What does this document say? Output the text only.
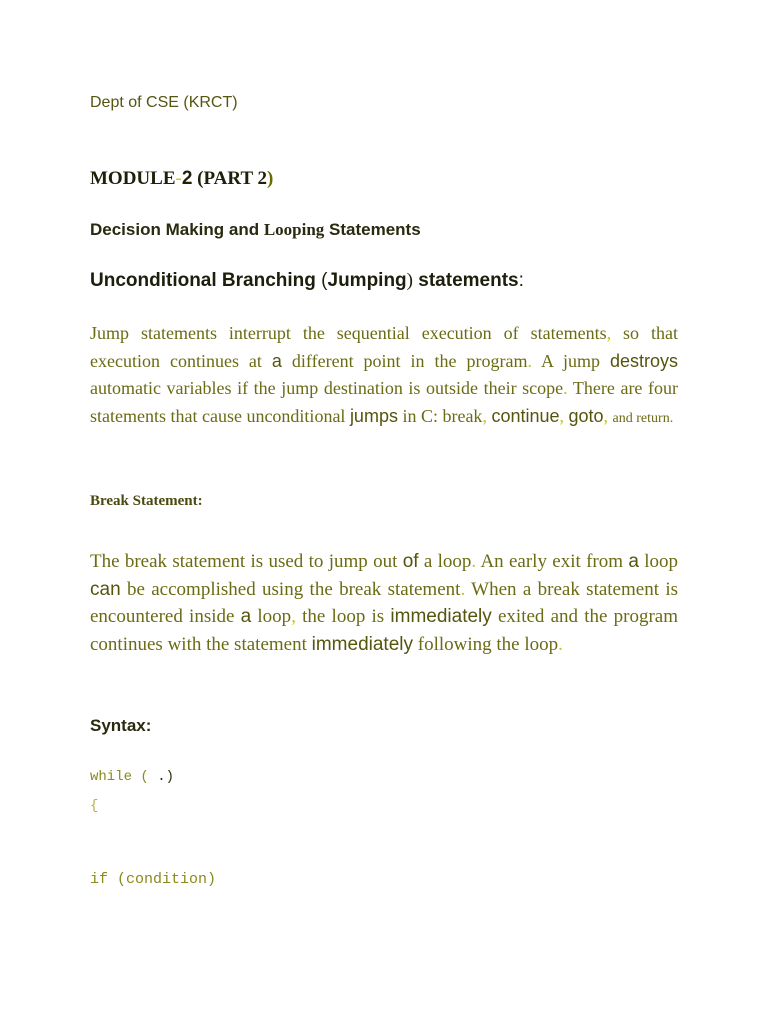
Dept of CSE (KRCT)
MODULE-2 (PART 2)
Decision Making and Looping Statements
Unconditional Branching (Jumping) statements:

Jump statements interrupt the sequential execution of statements, so that execution continues at a different point in the program. A jump destroys automatic variables if the jump destination is outside their scope. There are four statements that cause unconditional jumps in C: break, continue, goto, and return.

Break Statement:

The break statement is used to jump out of a loop. An early exit from a loop can be accomplished using the break statement. When a break statement is encountered inside a loop, the loop is immediately exited and the program continues with the statement immediately following the loop.

Syntax:
while ( .)
{
if (condition)
